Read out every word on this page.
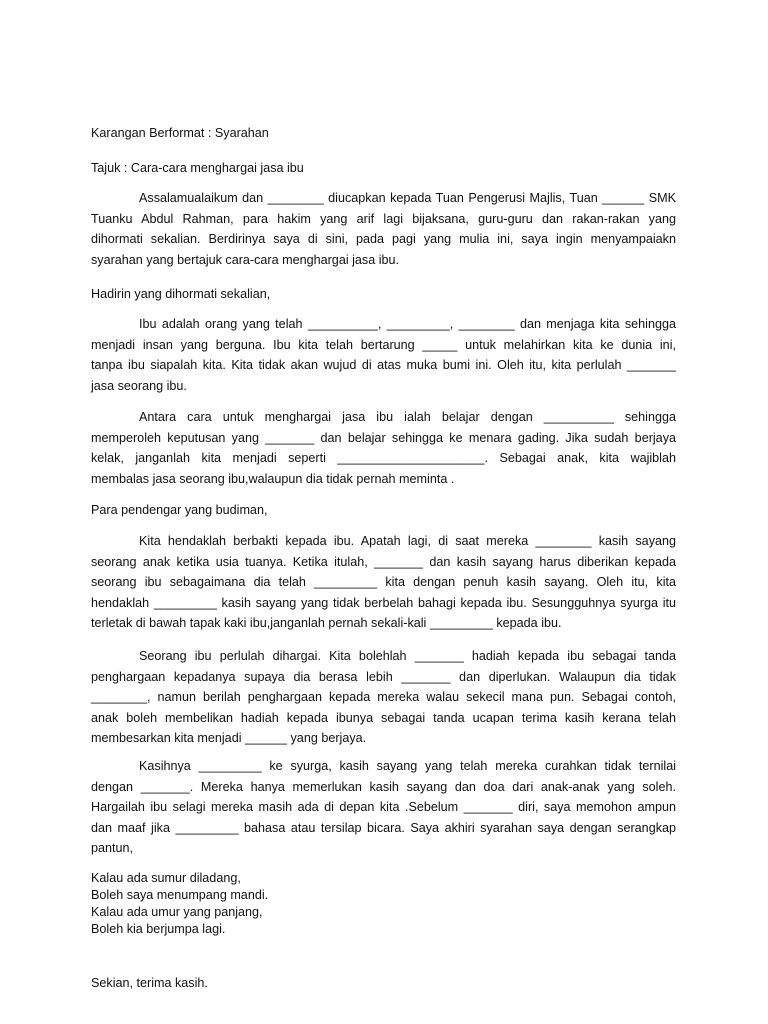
Karangan Berformat : Syarahan
Tajuk : Cara-cara menghargai jasa ibu
Assalamualaikum dan ________ diucapkan kepada Tuan Pengerusi Majlis, Tuan ______ SMK
Tuanku Abdul Rahman, para hakim yang arif lagi bijaksana, guru-guru dan rakan-rakan yang
dihormati sekalian. Berdirinya saya di sini, pada pagi yang mulia ini, saya ingin menyampaiakn
syarahan yang bertajuk cara-cara menghargai jasa ibu.
Hadirin yang dihormati sekalian,
Ibu adalah orang yang telah __________, _________, ________ dan menjaga kita sehingga
menjadi insan yang berguna. Ibu kita telah bertarung _____ untuk melahirkan kita ke dunia ini,
tanpa ibu siapalah kita. Kita tidak akan wujud di atas muka bumi ini. Oleh itu, kita perlulah _______
jasa seorang ibu.
Antara cara untuk menghargai jasa ibu ialah belajar dengan __________ sehingga
memperoleh keputusan yang _______ dan belajar sehingga ke menara gading. Jika sudah berjaya
kelak, janganlah kita menjadi seperti _____________________. Sebagai anak, kita wajiblah
membalas jasa seorang ibu,walaupun dia tidak pernah meminta .
Para pendengar yang budiman,
Kita hendaklah berbakti kepada ibu. Apatah lagi, di saat mereka ________ kasih sayang
seorang anak ketika usia tuanya. Ketika itulah, _______ dan kasih sayang harus diberikan kepada
seorang ibu sebagaimana dia telah _________ kita dengan penuh kasih sayang. Oleh itu, kita
hendaklah _________ kasih sayang yang tidak berbelah bahagi kepada ibu. Sesungguhnya syurga itu
terletak di bawah tapak kaki ibu,janganlah pernah sekali-kali _________ kepada ibu.
Seorang ibu perlulah dihargai. Kita bolehlah _______ hadiah kepada ibu sebagai tanda
penghargaan kepadanya supaya dia berasa lebih _______ dan diperlukan. Walaupun dia tidak
________, namun berilah penghargaan kepada mereka walau sekecil mana pun. Sebagai contoh,
anak boleh membelikan hadiah kepada ibunya sebagai tanda ucapan terima kasih kerana telah
membesarkan kita menjadi ______ yang berjaya.
Kasihnya _________ ke syurga, kasih sayang yang telah mereka curahkan tidak ternilai
dengan _______. Mereka hanya memerlukan kasih sayang dan doa dari anak-anak yang soleh.
Hargailah ibu selagi mereka masih ada di depan kita .Sebelum _______ diri, saya memohon ampun
dan maaf jika _________ bahasa atau tersilap bicara. Saya akhiri syarahan saya dengan serangkap
pantun,
Kalau ada sumur diladang,
Boleh saya menumpang mandi.
Kalau ada umur yang panjang,
Boleh kia berjumpa lagi.
Sekian, terima kasih.
